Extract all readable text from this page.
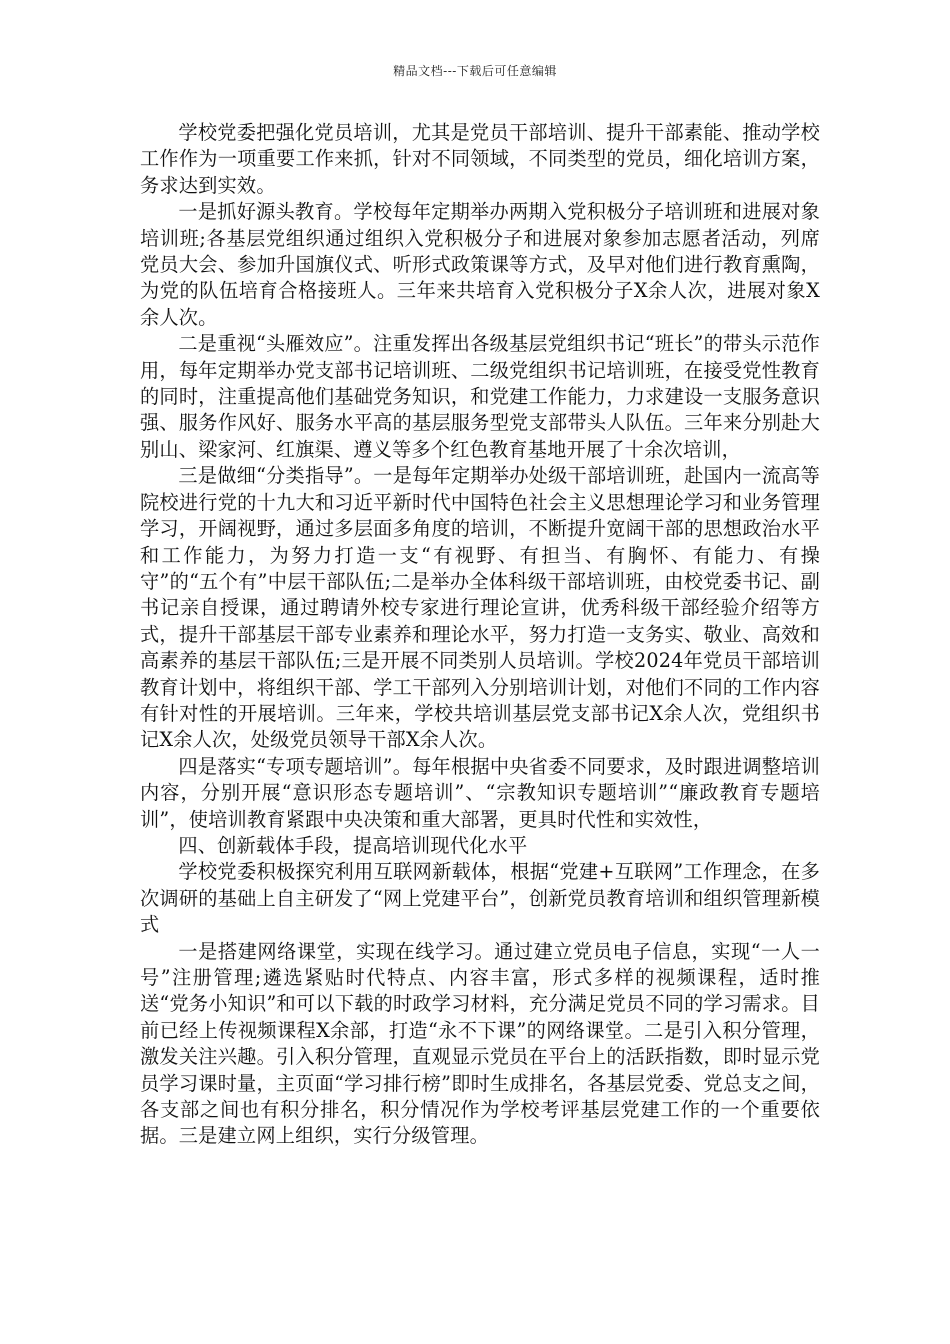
精品文档---下载后可任意编辑

学校党委把强化党员培训，尤其是党员干部培训、提升干部素能、推动学校工作作为一项重要工作来抓，针对不同领域，不同类型的党员，细化培训方案，务求达到实效。

一是抓好源头教育。学校每年定期举办两期入党积极分子培训班和进展对象培训班;各基层党组织通过组织入党积极分子和进展对象参加志愿者活动，列席党员大会、参加升国旗仪式、听形式政策课等方式，及早对他们进行教育熏陶，为党的队伍培育合格接班人。三年来共培育入党积极分子X余人次，进展对象X余人次。

二是重视“头雁效应”。注重发挥出各级基层党组织书记“班长”的带头示范作用，每年定期举办党支部书记培训班、二级党组织书记培训班，在接受党性教育的同时，注重提高他们基础党务知识，和党建工作能力，力求建设一支服务意识强、服务作风好、服务水平高的基层服务型党支部带头人队伍。三年来分别赴大别山、梁家河、红旗渠、遵义等多个红色教育基地开展了十余次培训，

三是做细“分类指导”。一是每年定期举办处级干部培训班，赴国内一流高等院校进行党的十九大和习近平新时代中国特色社会主义思想理论学习和业务管理学习，开阔视野，通过多层面多角度的培训，不断提升宽阔干部的思想政治水平和工作能力，为努力打造一支“有视野、有担当、有胸怀、有能力、有操守”的“五个有”中层干部队伍;二是举办全体科级干部培训班，由校党委书记、副书记亲自授课，通过聘请外校专家进行理论宣讲，优秀科级干部经验介绍等方式，提升干部基层干部专业素养和理论水平，努力打造一支务实、敬业、高效和高素养的基层干部队伍;三是开展不同类别人员培训。学校2024年党员干部培训教育计划中，将组织干部、学工干部列入分别培训计划，对他们不同的工作内容有针对性的开展培训。三年来，学校共培训基层党支部书记X余人次，党组织书记X余人次，处级党员领导干部X余人次。

四是落实“专项专题培训”。每年根据中央省委不同要求，及时跟进调整培训内容，分别开展“意识形态专题培训”、“宗教知识专题培训”“廉政教育专题培训”，使培训教育紧跟中央决策和重大部署，更具时代性和实效性，

四、创新载体手段，提高培训现代化水平

学校党委积极探究利用互联网新载体，根据“党建+互联网”工作理念，在多次调研的基础上自主研发了“网上党建平台”，创新党员教育培训和组织管理新模式

一是搭建网络课堂，实现在线学习。通过建立党员电子信息，实现“一人一号”注册管理;遴选紧贴时代特点、内容丰富，形式多样的视频课程，适时推送“党务小知识”和可以下载的时政学习材料，充分满足党员不同的学习需求。目前已经上传视频课程X余部，打造“永不下课”的网络课堂。二是引入积分管理，激发关注兴趣。引入积分管理，直观显示党员在平台上的活跃指数，即时显示党员学习课时量，主页面“学习排行榜”即时生成排名，各基层党委、党总支之间，各支部之间也有积分排名，积分情况作为学校考评基层党建工作的一个重要依据。三是建立网上组织，实行分级管理。
